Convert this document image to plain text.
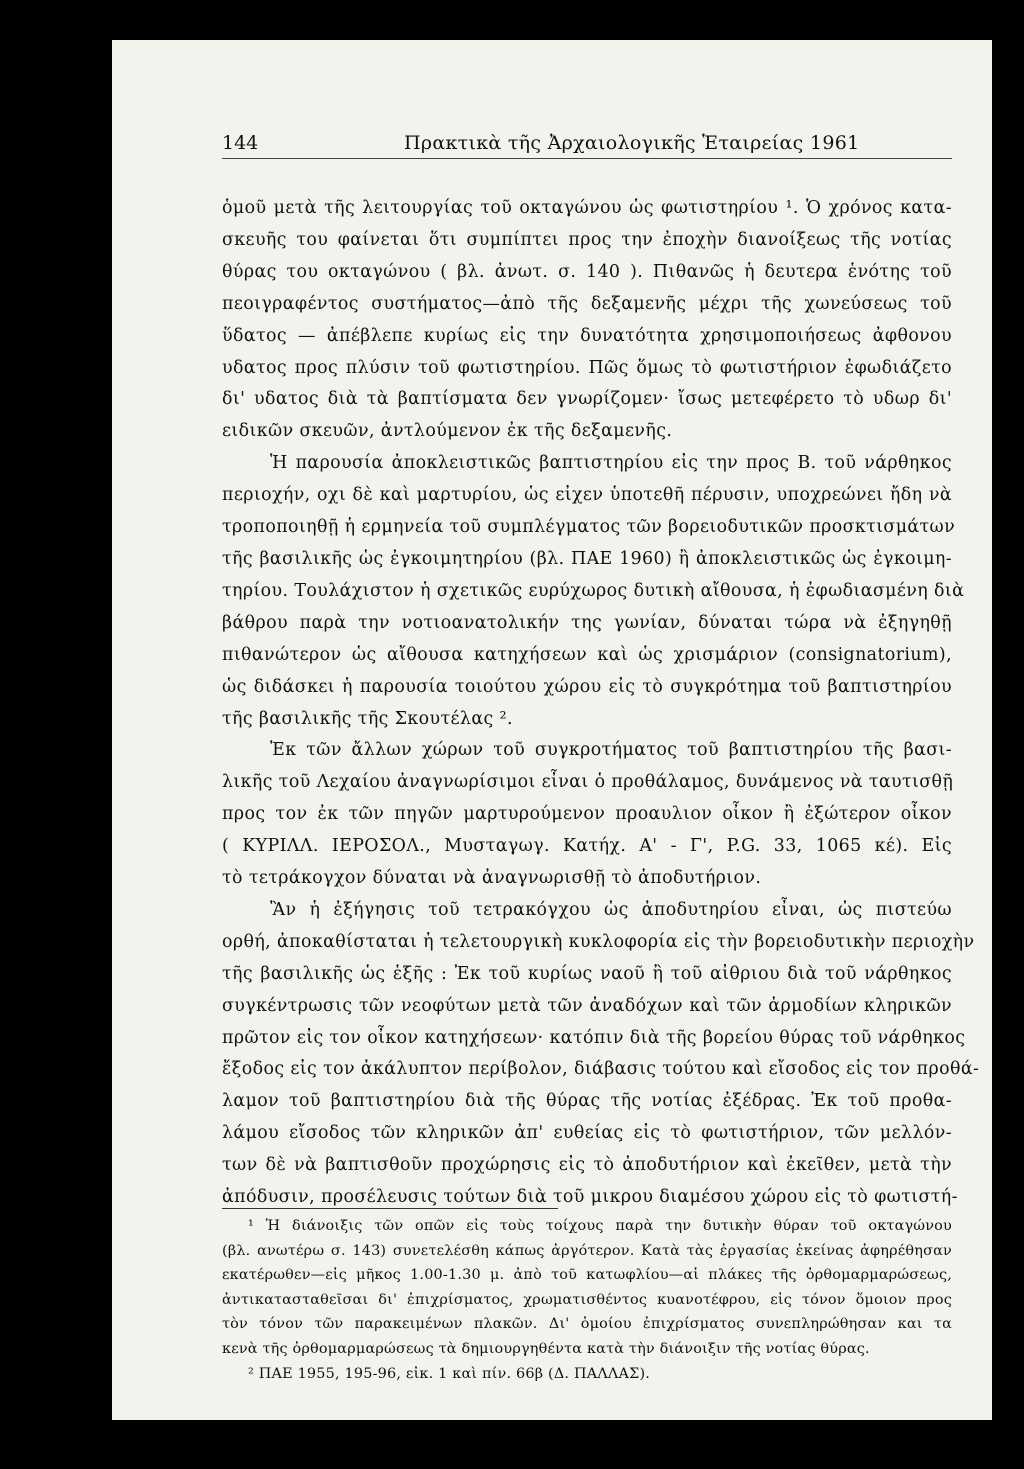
144	Πρακτικὰ τῆς Ἀρχαιολογικῆς Ἑταιρείας 1961

ὁμοῦ μετὰ τῆς λειτουργίας τοῦ οκταγώνου ὡς φωτιστηρίου ¹. Ὁ χρόνος κατα-

σκευῆς του φαίνεται ὅτι συμπίπτει προς την ἐποχὴν διανοίξεως τῆς νοτίας

θύρας του οκταγώνου ( βλ. ἀνωτ. σ. 140 ). Πιθανῶς ἡ δευτερα ἑνότης τοῦ

πεοιγραφέντος συστήματος—ἀπὸ τῆς δεξαμενῆς μέχρι τῆς χωνεύσεως τοῦ

ὕδατος — ἀπέβλεπε κυρίως εἰς την δυνατότητα χρησιμοποιήσεως ἀφθονου

υδατος προς πλύσιν τοῦ φωτιστηρίου. Πῶς ὅμως τὸ φωτιστήριον ἐφωδιάζετο

δι' υδατος διὰ τὰ βαπτίσματα δεν γνωρίζομεν· ἴσως μετεφέρετο τὸ υδωρ δι'

ειδικῶν σκευῶν, ἀντλούμενον ἐκ τῆς δεξαμενῆς.

Ἡ παρουσία ἀποκλειστικῶς βαπτιστηρίου εἰς την προς Β. τοῦ νάρθηκος

περιοχήν, οχι δὲ καὶ μαρτυρίου, ὡς εἰχεν ὑποτεθῆ πέρυσιν, υποχρεώνει ἤδη νὰ

τροποποιηθῇ ἡ ερμηνεία τοῦ συμπλέγματος τῶν βορειοδυτικῶν προσκτισμάτων

τῆς βασιλικῆς ὡς ἐγκοιμητηρίου (βλ. ΠΑΕ 1960) ἢ ἀποκλειστικῶς ὡς ἐγκοιμη-

τηρίου. Τουλάχιστον ἡ σχετικῶς ευρύχωρος δυτικὴ αἴθουσα, ἡ ἐφωδιασμένη διὰ

βάθρου παρὰ την νοτιοανατολικήν της γωνίαν, δύναται τώρα νὰ ἐξηγηθῇ

πιθανώτερον ὡς αἴθουσα κατηχήσεων καὶ ὡς χρισμάριον (consignatorium),

ὡς διδάσκει ἡ παρουσία τοιούτου χώρου εἰς τὸ συγκρότημα τοῦ βαπτιστηρίου

τῆς βασιλικῆς τῆς Σκουτέλας ².

Ἐκ τῶν ἄλλων χώρων τοῦ συγκροτήματος τοῦ βαπτιστηρίου τῆς βασι-

λικῆς τοῦ Λεχαίου ἀναγνωρίσιμοι εἶναι ὁ προθάλαμος, δυνάμενος νὰ ταυτισθῇ

προς τον ἐκ τῶν πηγῶν μαρτυρούμενον προαυλιον οἶκον ἢ ἐξώτερον οἶκον

( ΚΥΡΙΛΛ. ΙΕΡΟΣΟΛ., Μυσταγωγ. Κατήχ. Α' - Γ', P.G. 33, 1065 κέ). Εἰς

τὸ τετράκογχον δύναται νὰ ἀναγνωρισθῇ τὸ ἀποδυτήριον.

Ἂν ἡ ἐξήγησις τοῦ τετρακόγχου ὡς ἀποδυτηρίου εἶναι, ὡς πιστεύω

ορθή, ἀποκαθίσταται ἡ τελετουργικὴ κυκλοφορία εἰς τὴν βορειοδυτικὴν περιοχὴν

τῆς βασιλικῆς ὡς ἑξῆς : Ἐκ τοῦ κυρίως ναοῦ ἢ τοῦ αἰθριου διὰ τοῦ νάρθηκος

συγκέντρωσις τῶν νεοφύτων μετὰ τῶν ἀναδόχων καὶ τῶν ἁρμοδίων κληρικῶν

πρῶτον εἰς τον οἶκον κατηχήσεων· κατόπιν διὰ τῆς βορείου θύρας τοῦ νάρθηκος

ἔξοδος εἰς τον ἀκάλυπτον περίβολον, διάβασις τούτου καὶ εἴσοδος εἰς τον προθά-

λαμον τοῦ βαπτιστηρίου διὰ τῆς θύρας τῆς νοτίας ἐξέδρας. Ἐκ τοῦ προθα-

λάμου εἴσοδος τῶν κληρικῶν ἀπ' ευθείας εἰς τὸ φωτιστήριον, τῶν μελλόν-

των δὲ νὰ βαπτισθοῦν προχώρησις εἰς τὸ ἀποδυτήριον καὶ ἐκεῖθεν, μετὰ τὴν

ἀπόδυσιν, προσέλευσις τούτων διὰ τοῦ μικρου διαμέσου χώρου εἰς τὸ φωτιστή-

¹ Ἡ διάνοιξις τῶν οπῶν εἰς τοὺς τοίχους παρὰ την δυτικὴν θύραν τοῦ οκταγώνου

(βλ. ανωτέρω σ. 143) συνετελέσθη κάπως ἀργότερον. Κατὰ τὰς ἐργασίας ἐκείνας ἀφηρέθησαν

εκατέρωθεν—εἰς μῆκος 1.00-1.30 μ. ἀπὸ τοῦ κατωφλίου—αἱ πλάκες τῆς ὀρθομαρμαρώσεως,

ἀντικατασταθεῖσαι δι' ἐπιχρίσματος, χρωματισθέντος κυανοτέφρου, εἰς τόνον ὅμοιον προς

τὸν τόνον τῶν παρακειμένων πλακῶν. Δι' ὁμοίου ἐπιχρίσματος συνεπληρώθησαν και τα

κενὰ τῆς ὀρθομαρμαρώσεως τὰ δημιουργηθέντα κατὰ τὴν διάνοιξιν τῆς νοτίας θύρας.

² ΠΑΕ 1955, 195-96, εἰκ. 1 καὶ πίν. 66β (Δ. ΠΑΛΛΑΣ).
